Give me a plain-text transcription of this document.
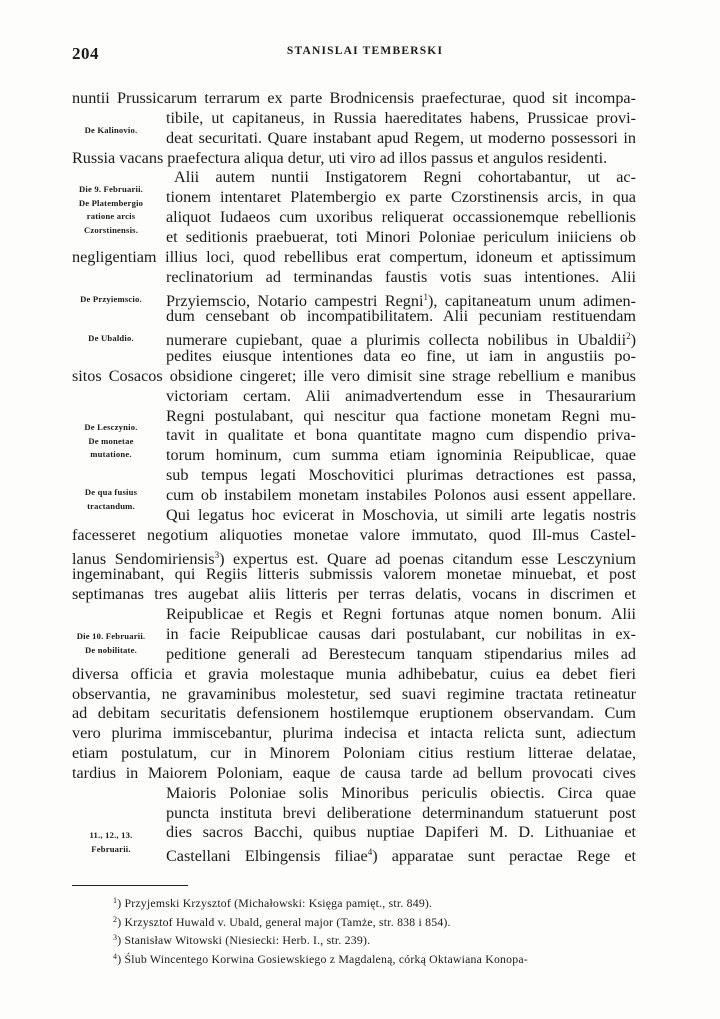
204	STANISLAI TEMBERSKI
nuntii Prussicarum terrarum ex parte Brodnicensis praefecturae, quod sit incompa-
tibile, ut capitaneus, in Russia haereditates habens, Prussicae provi-
deat securitati. Quare instabant apud Regem, ut moderno possessori in
Russia vacans praefectura aliqua detur, uti viro ad illos passus et angulos residenti.
Alii autem nuntii Instigatorem Regni cohortabantur, ut ac-
tionem intentaret Platembergio ex parte Czorstinensis arcis, in qua
aliquot Iudaeos cum uxoribus reliquerat occassionemque rebellionis
et seditionis praebuerat, toti Minori Poloniae periculum iniiciens ob
negligentiam illius loci, quod rebellibus erat compertum, idoneum et aptissimum
reclinatorium ad terminandas faustis votis suas intentiones. Alii
Przyiemscio, Notario campestri Regni$^1$), capitaneatum unum adimen-
dum censebant ob incompatibilitatem. Alii pecuniam restituendam
numerare cupiebant, quae a plurimis collecta nobilibus in Ubaldii$^2$)
pedites eiusque intentiones data eo fine, ut iam in angustiis po-
sitos Cosacos obsidione cingeret; ille vero dimisit sine strage rebellium e manibus
victoriam certam. Alii animadvertendum esse in Thesaurarium
Regni postulabant, qui nescitur qua factione monetam Regni mu-
tavit in qualitate et bona quantitate magno cum dispendio priva-
torum hominum, cum summa etiam ignominia Reipublicae, quae
sub tempus legati Moschovitici plurimas detractiones est passa,
cum ob instabilem monetam instabiles Polonos ausi essent appellare.
Qui legatus hoc evicerat in Moschovia, ut simili arte legatis nostris
facesseret negotium aliquoties monetae valore immutato, quod Ill-mus Castel-
lanus Sendomiriensis$^3$) expertus est. Quare ad poenas citandum esse Lesczynium
ingeminabant, qui Regiis litteris submissis valorem monetae minuebat, et post
septimanas tres augebat aliis litteris per terras delatis, vocans in discrimen et
Reipublicae et Regis et Regni fortunas atque nomen bonum. Alii
in facie Reipublicae causas dari postulabant, cur nobilitas in ex-
peditione generali ad Berestecum tanquam stipendarius miles ad
diversa officia et gravia molestaque munia adhibebatur, cuius ea debet fieri
observantia, ne gravaminibus molestetur, sed suavi regimine tractata retineatur
ad debitam securitatis defensionem hostilemque eruptionem observandam. Cum
vero plurima immiscebantur, plurima indecisa et intacta relicta sunt, adiectum
etiam postulatum, cur in Minorem Poloniam citius restium litterae delatae,
tardius in Maiorem Poloniam, eaque de causa tarde ad bellum provocati cives
Maioris Poloniae solis Minoribus periculis obiectis. Circa quae
puncta instituta brevi deliberatione determinandum statuerunt post
dies sacros Bacchi, quibus nuptiae Dapiferi M. D. Lithuaniae et
Castellani Elbingensis filiae$^4$) apparatae sunt peractae Rege et
De Kalinovio.
Die 9. Februarii.
De Platembergio
ratione arcis
Czorstinensis.
De Przyiemscio.
De Ubaldio.
De Lesczynio.
De monetae
mutatione.
De qua fusius
tractandum.
Die 10. Februarii.
De nobilitate.
11., 12., 13.
Februarii.
$^1$) Przyjemski Krzysztof (Michałowski: Księga pamięt., str. 849).
$^2$) Krzysztof Huwald v. Ubald, general major (Tamże, str. 838 i 854).
$^3$) Stanisław Witowski (Niesiecki: Herb. I., str. 239).
$^4$) Ślub Wincentego Korwina Gosiewskiego z Magdaleną, córką Oktawiana Konopa-
